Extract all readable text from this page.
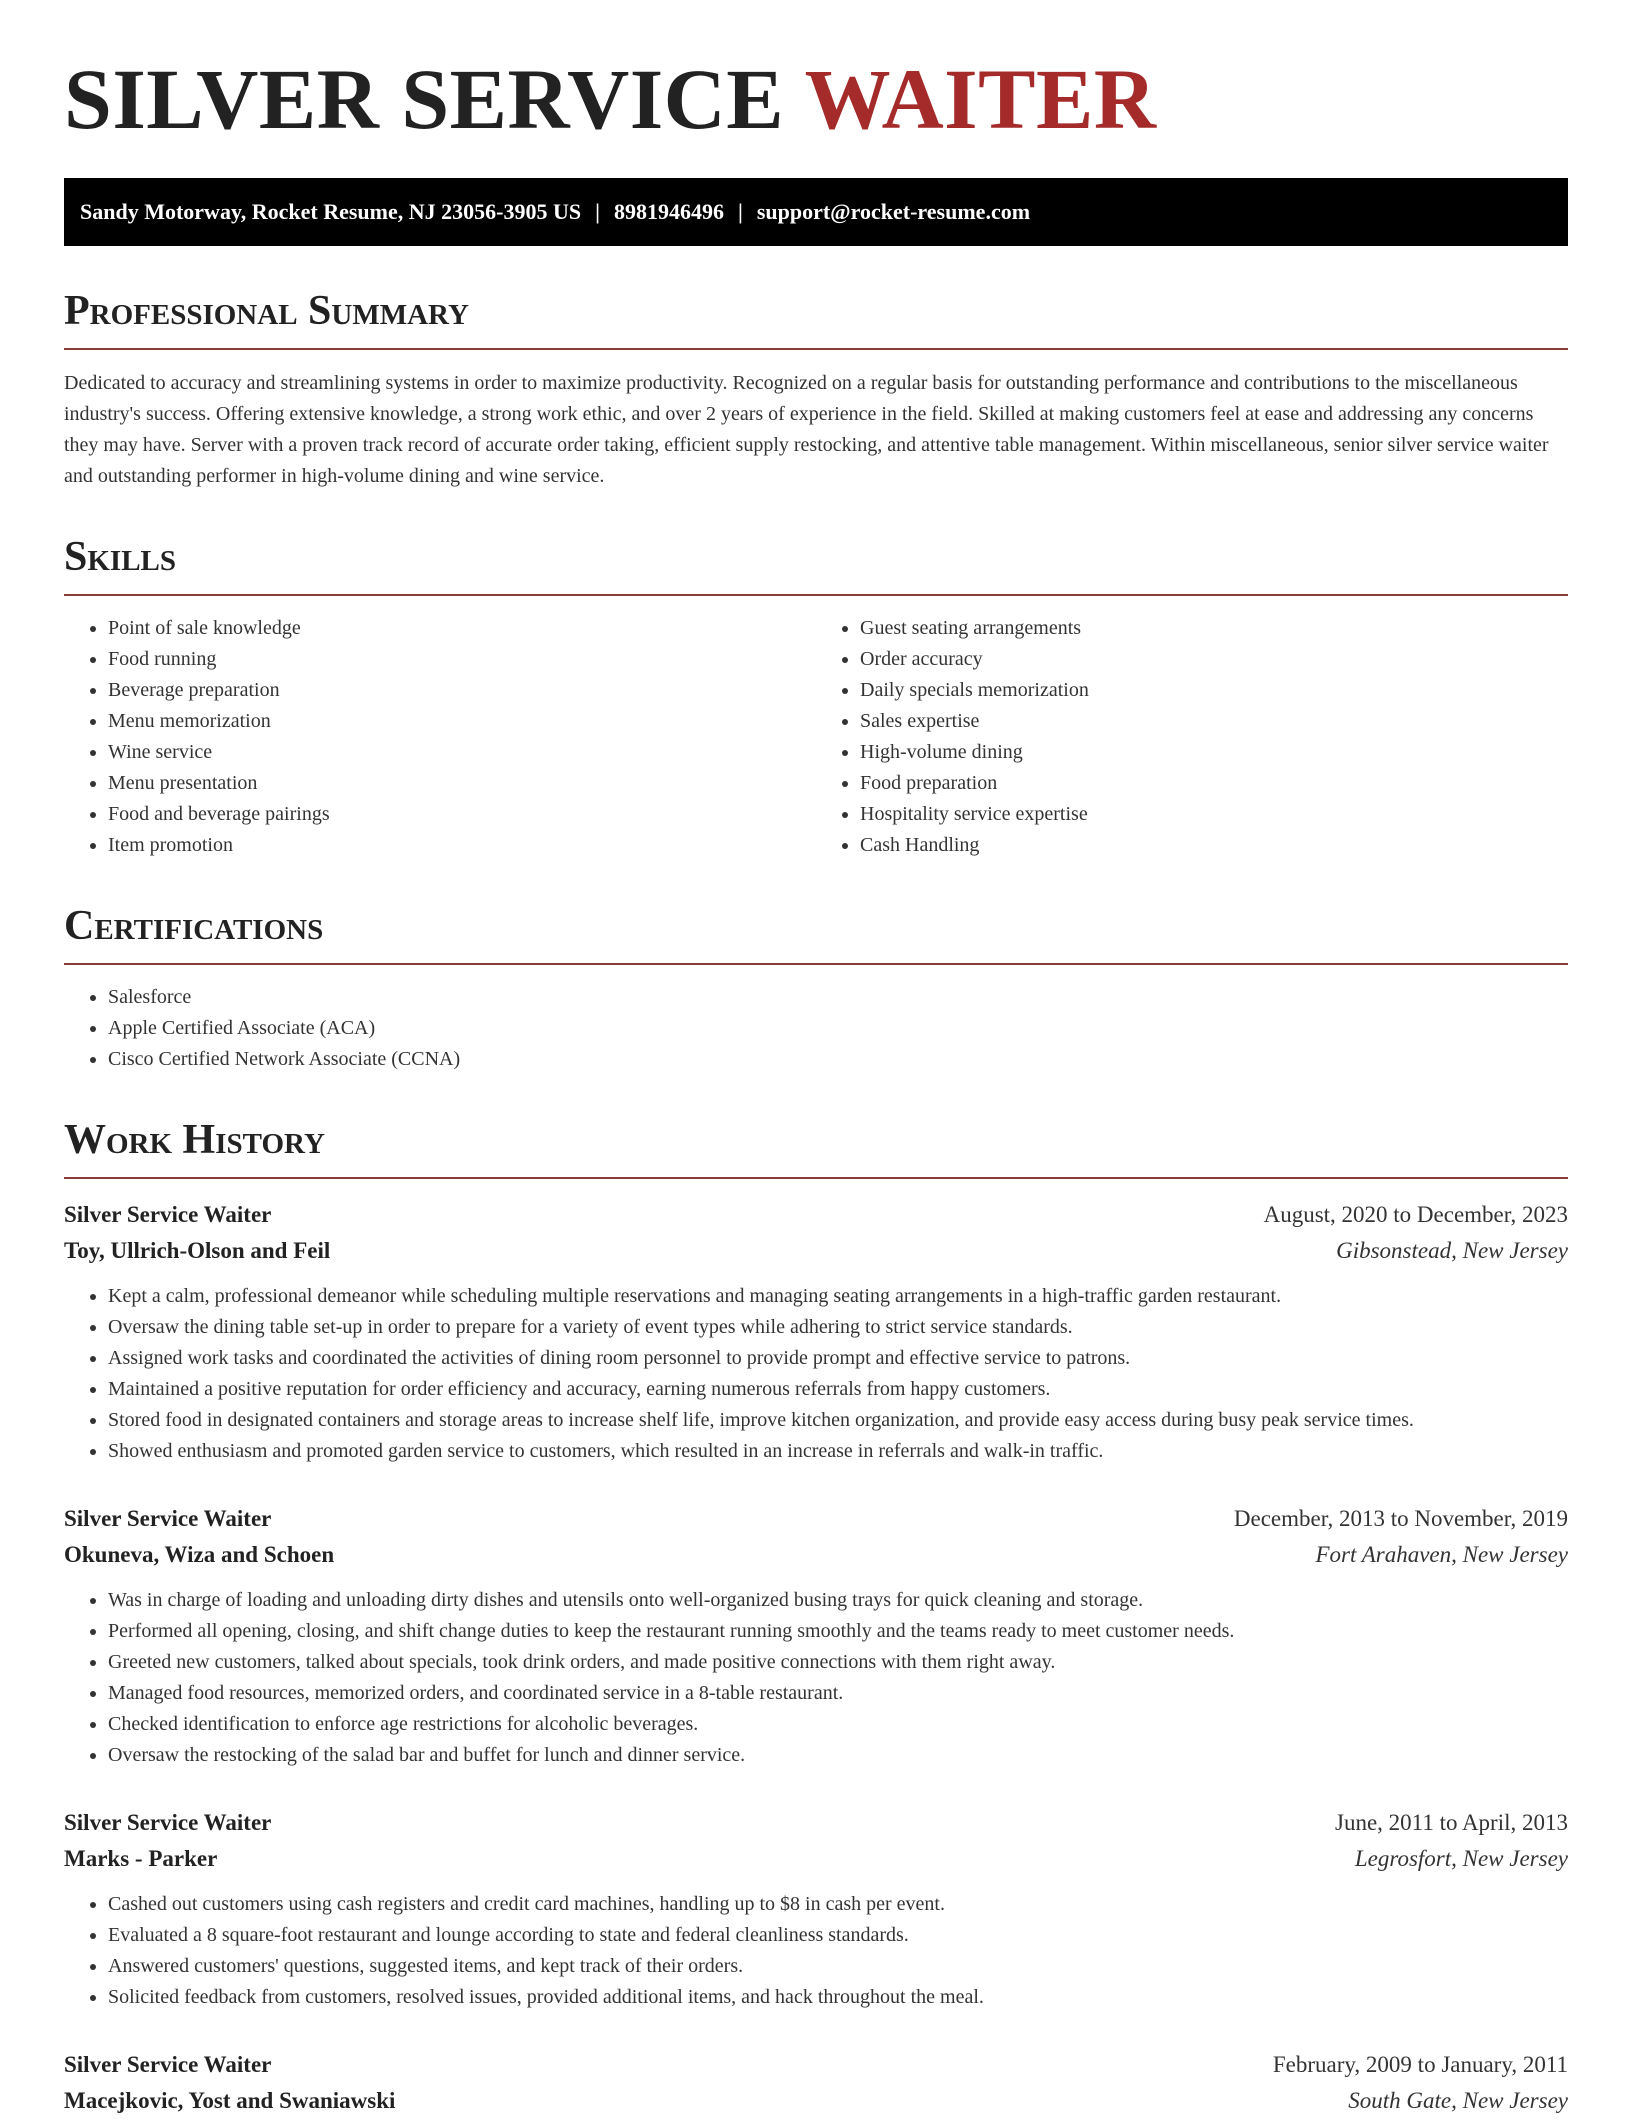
SILVER SERVICE WAITER
Sandy Motorway, Rocket Resume, NJ 23056-3905 US | 8981946496 | support@rocket-resume.com
Professional Summary

Dedicated to accuracy and streamlining systems in order to maximize productivity. Recognized on a regular basis for outstanding performance and contributions to the miscellaneous industry's success. Offering extensive knowledge, a strong work ethic, and over 2 years of experience in the field. Skilled at making customers feel at ease and addressing any concerns they may have. Server with a proven track record of accurate order taking, efficient supply restocking, and attentive table management. Within miscellaneous, senior silver service waiter and outstanding performer in high-volume dining and wine service.

Skills
• Point of sale knowledge
• Food running
• Beverage preparation
• Menu memorization
• Wine service
• Menu presentation
• Food and beverage pairings
• Item promotion
• Guest seating arrangements
• Order accuracy
• Daily specials memorization
• Sales expertise
• High-volume dining
• Food preparation
• Hospitality service expertise
• Cash Handling
Certifications
• Salesforce
• Apple Certified Associate (ACA)
• Cisco Certified Network Associate (CCNA)
Work History
Silver Service Waiter	August, 2020 to December, 2023
Toy, Ullrich-Olson and Feil	Gibsonstead, New Jersey
• Kept a calm, professional demeanor while scheduling multiple reservations and managing seating arrangements in a high-traffic garden restaurant.
• Oversaw the dining table set-up in order to prepare for a variety of event types while adhering to strict service standards.
• Assigned work tasks and coordinated the activities of dining room personnel to provide prompt and effective service to patrons.
• Maintained a positive reputation for order efficiency and accuracy, earning numerous referrals from happy customers.
• Stored food in designated containers and storage areas to increase shelf life, improve kitchen organization, and provide easy access during busy peak service times.
• Showed enthusiasm and promoted garden service to customers, which resulted in an increase in referrals and walk-in traffic.
Silver Service Waiter	December, 2013 to November, 2019
Okuneva, Wiza and Schoen	Fort Arahaven, New Jersey
• Was in charge of loading and unloading dirty dishes and utensils onto well-organized busing trays for quick cleaning and storage.
• Performed all opening, closing, and shift change duties to keep the restaurant running smoothly and the teams ready to meet customer needs.
• Greeted new customers, talked about specials, took drink orders, and made positive connections with them right away.
• Managed food resources, memorized orders, and coordinated service in a 8-table restaurant.
• Checked identification to enforce age restrictions for alcoholic beverages.
• Oversaw the restocking of the salad bar and buffet for lunch and dinner service.
Silver Service Waiter	June, 2011 to April, 2013
Marks - Parker	Legrosfort, New Jersey
• Cashed out customers using cash registers and credit card machines, handling up to $8 in cash per event.
• Evaluated a 8 square-foot restaurant and lounge according to state and federal cleanliness standards.
• Answered customers' questions, suggested items, and kept track of their orders.
• Solicited feedback from customers, resolved issues, provided additional items, and hack throughout the meal.
Silver Service Waiter	February, 2009 to January, 2011
Macejkovic, Yost and Swaniawski	South Gate, New Jersey
